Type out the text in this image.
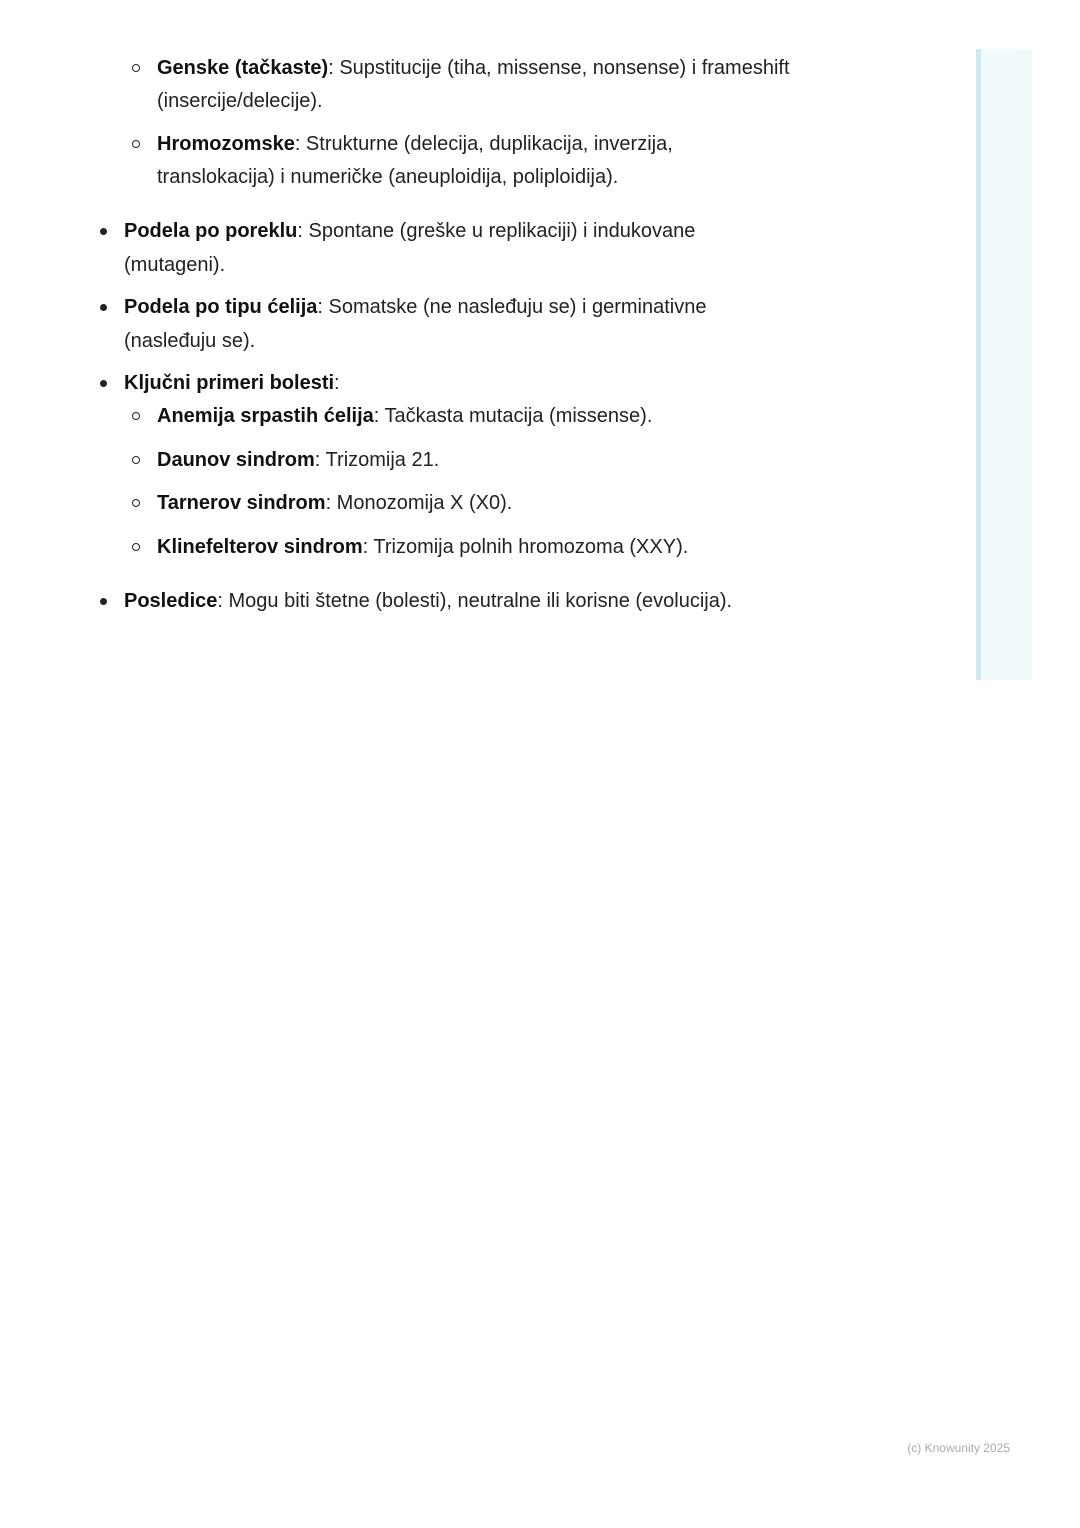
Genske (tačkaste): Supstitucije (tiha, missense, nonsense) i frameshift
(insercije/delecije).
Hromozomske: Strukturne (delecija, duplikacija, inverzija,
translokacija) i numeričke (aneuploidija, poliploidija).
Podela po poreklu: Spontane (greške u replikaciji) i indukovane
(mutageni).
Podela po tipu ćelija: Somatske (ne nasleđuju se) i germinativne
(nasleđuju se).
Ključni primeri bolesti:
Anemija srpastih ćelija: Tačkasta mutacija (missense).
Daunov sindrom: Trizomija 21.
Tarnerov sindrom: Monozomija X (X0).
Klinefelterov sindrom: Trizomija polnih hromozoma (XXY).
Posledice: Mogu biti štetne (bolesti), neutralne ili korisne (evolucija).
(c) Knowunity 2025
